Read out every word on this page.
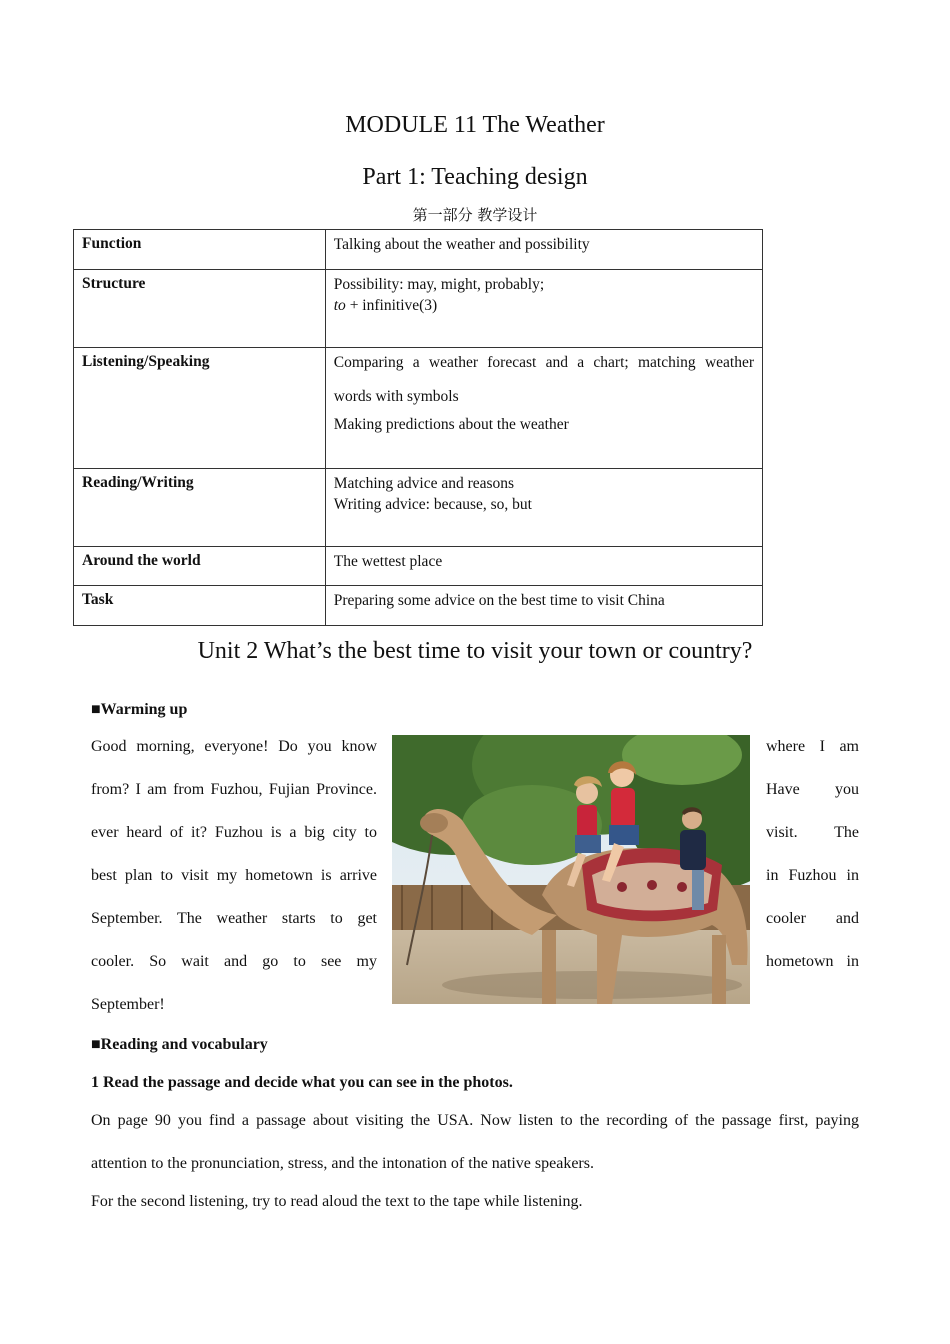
MODULE 11 The Weather
Part 1: Teaching design
第一部分 教学设计
Function	Talking about the weather and possibility

Structure	Possibility: may, might, probably;
to + infinitive(3)

Listening/Speaking	Comparing a weather forecast and a chart; matching weather
words with symbols
Making predictions about the weather

Reading/Writing	Matching advice and reasons
Writing advice: because, so, but

Around the world	The wettest place

Task	Preparing some advice on the best time to visit China
Unit 2 What’s the best time to visit your town or country?
■Warming up
Good morning, everyone! Do you know
from? I am from Fuzhou, Fujian Province.
ever heard of it? Fuzhou is a big city to
best plan to visit my hometown is arrive
September. The weather starts to get
cooler. So wait and go to see my
September!
where I am
Have you
visit. The
in Fuzhou in
cooler and
hometown in
■Reading and vocabulary
1 Read the passage and decide what you can see in the photos.
On page 90 you find a passage about visiting the USA. Now listen to the recording of the passage first, paying
attention to the pronunciation, stress, and the intonation of the native speakers.
For the second listening, try to read aloud the text to the tape while listening.
